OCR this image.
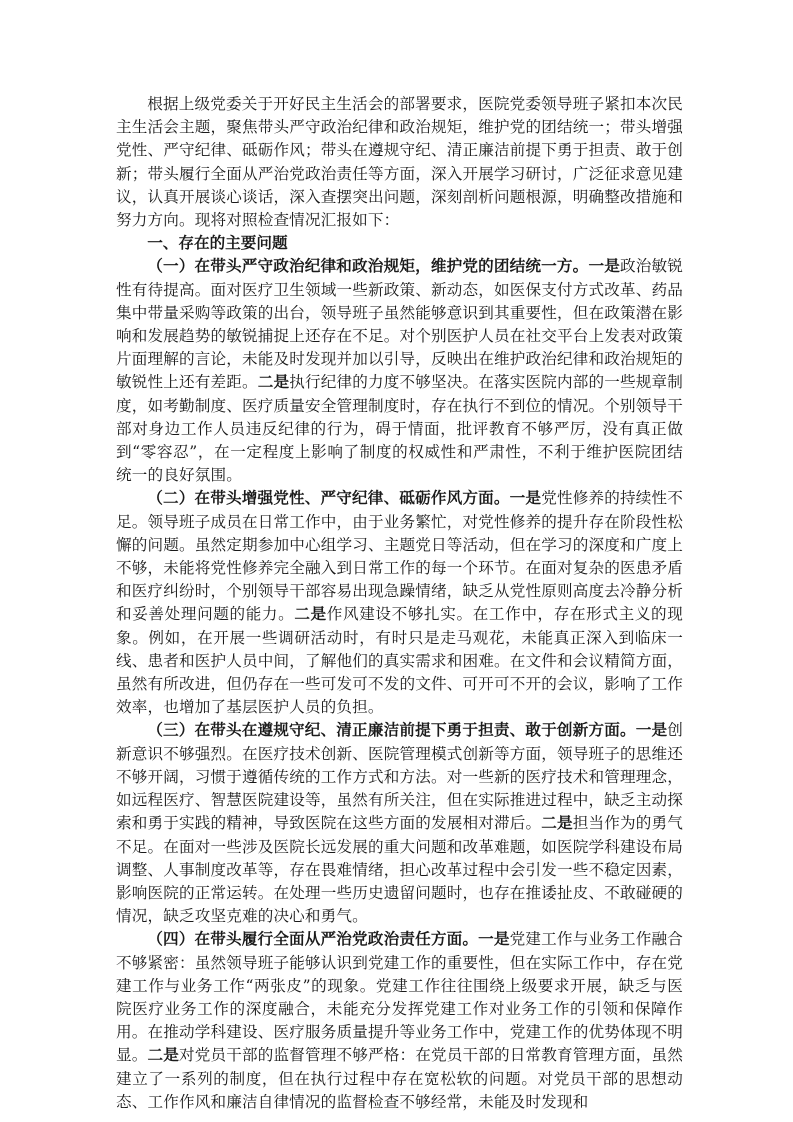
根据上级党委关于开好民主生活会的部署要求，医院党委领导班子紧扣本次民主生活会主题，聚焦带头严守政治纪律和政治规矩，维护党的团结统一；带头增强党性、严守纪律、砥砺作风；带头在遵规守纪、清正廉洁前提下勇于担责、敢于创新；带头履行全面从严治党政治责任等方面，深入开展学习研讨，广泛征求意见建议，认真开展谈心谈话，深入查摆突出问题，深刻剖析问题根源，明确整改措施和努力方向。现将对照检查情况汇报如下：

一、存在的主要问题

（一）在带头严守政治纪律和政治规矩，维护党的团结统一方。一是政治敏锐性有待提高。面对医疗卫生领域一些新政策、新动态，如医保支付方式改革、药品集中带量采购等政策的出台，领导班子虽然能够意识到其重要性，但在政策潜在影响和发展趋势的敏锐捕捉上还存在不足。对个别医护人员在社交平台上发表对政策片面理解的言论，未能及时发现并加以引导，反映出在维护政治纪律和政治规矩的敏锐性上还有差距。二是执行纪律的力度不够坚决。在落实医院内部的一些规章制度，如考勤制度、医疗质量安全管理制度时，存在执行不到位的情况。个别领导干部对身边工作人员违反纪律的行为，碍于情面，批评教育不够严厉，没有真正做到“零容忍”，在一定程度上影响了制度的权威性和严肃性，不利于维护医院团结统一的良好氛围。

（二）在带头增强党性、严守纪律、砥砺作风方面。一是党性修养的持续性不足。领导班子成员在日常工作中，由于业务繁忙，对党性修养的提升存在阶段性松懈的问题。虽然定期参加中心组学习、主题党日等活动，但在学习的深度和广度上不够，未能将党性修养完全融入到日常工作的每一个环节。在面对复杂的医患矛盾和医疗纠纷时，个别领导干部容易出现急躁情绪，缺乏从党性原则高度去冷静分析和妥善处理问题的能力。二是作风建设不够扎实。在工作中，存在形式主义的现象。例如，在开展一些调研活动时，有时只是走马观花，未能真正深入到临床一线、患者和医护人员中间，了解他们的真实需求和困难。在文件和会议精简方面，虽然有所改进，但仍存在一些可发可不发的文件、可开可不开的会议，影响了工作效率，也增加了基层医护人员的负担。

（三）在带头在遵规守纪、清正廉洁前提下勇于担责、敢于创新方面。一是创新意识不够强烈。在医疗技术创新、医院管理模式创新等方面，领导班子的思维还不够开阔，习惯于遵循传统的工作方式和方法。对一些新的医疗技术和管理理念，如远程医疗、智慧医院建设等，虽然有所关注，但在实际推进过程中，缺乏主动探索和勇于实践的精神，导致医院在这些方面的发展相对滞后。二是担当作为的勇气不足。在面对一些涉及医院长远发展的重大问题和改革难题，如医院学科建设布局调整、人事制度改革等，存在畏难情绪，担心改革过程中会引发一些不稳定因素，影响医院的正常运转。在处理一些历史遗留问题时，也存在推诿扯皮、不敢碰硬的情况，缺乏攻坚克难的决心和勇气。

（四）在带头履行全面从严治党政治责任方面。一是党建工作与业务工作融合不够紧密：虽然领导班子能够认识到党建工作的重要性，但在实际工作中，存在党建工作与业务工作“两张皮”的现象。党建工作往往围绕上级要求开展，缺乏与医院医疗业务工作的深度融合，未能充分发挥党建工作对业务工作的引领和保障作用。在推动学科建设、医疗服务质量提升等业务工作中，党建工作的优势体现不明显。二是对党员干部的监督管理不够严格：在党员干部的日常教育管理方面，虽然建立了一系列的制度，但在执行过程中存在宽松软的问题。对党员干部的思想动态、工作作风和廉洁自律情况的监督检查不够经常，未能及时发现和
